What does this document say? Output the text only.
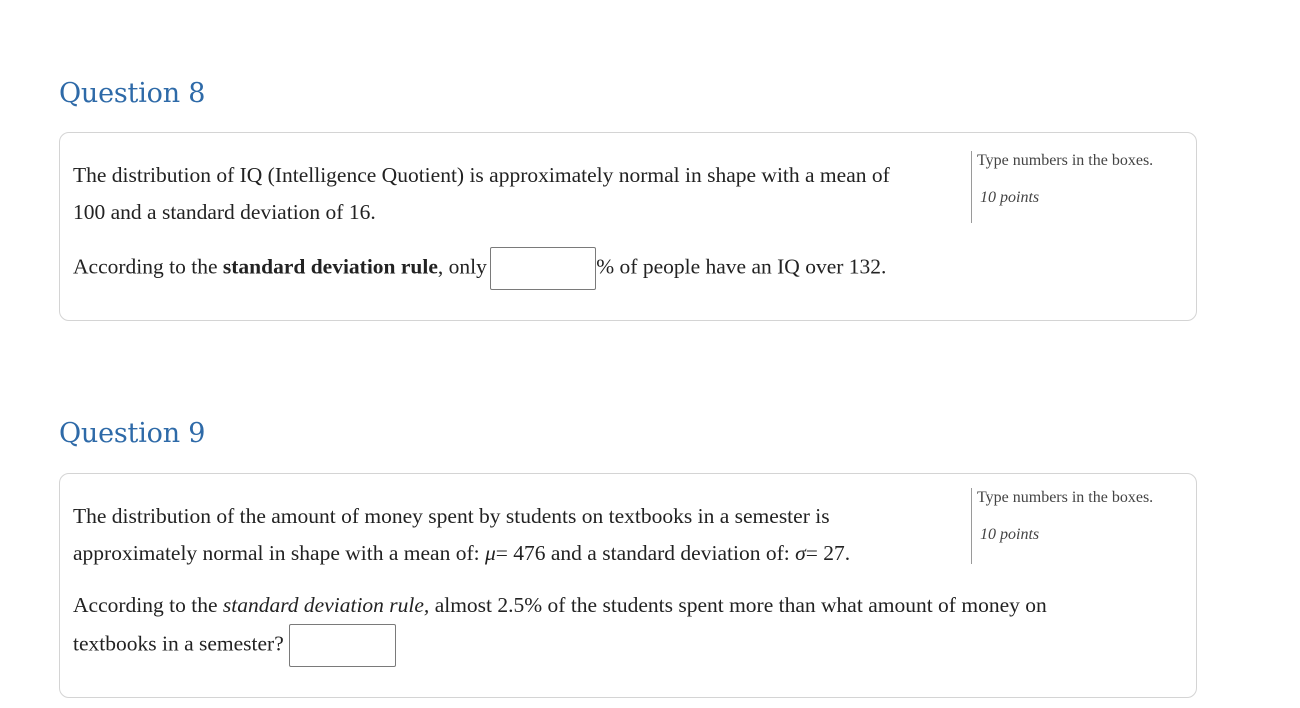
Question 8
The distribution of IQ (Intelligence Quotient) is approximately normal in shape with a mean of
100 and a standard deviation of 16.
Type numbers in the boxes.
10 points
According to the standard deviation rule, only	% of people have an IQ over 132.
Question 9
The distribution of the amount of money spent by students on textbooks in a semester is
approximately normal in shape with a mean of: μ= 476 and a standard deviation of: σ= 27.
Type numbers in the boxes.
10 points
According to the standard deviation rule, almost 2.5% of the students spent more than what amount of money on
textbooks in a semester?
